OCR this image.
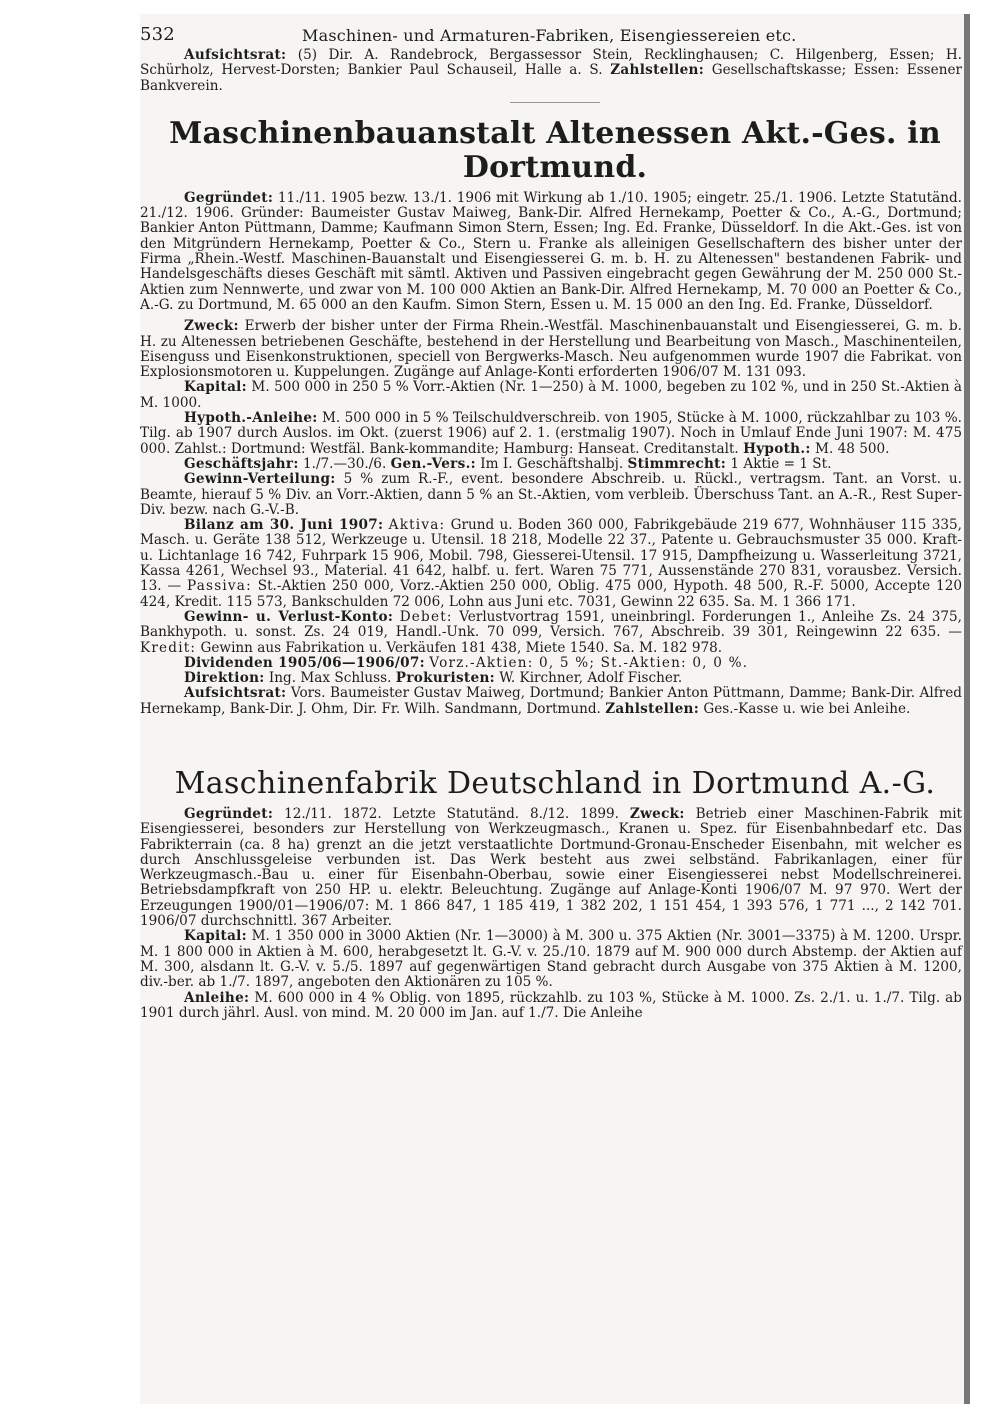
532	Maschinen- und Armaturen-Fabriken, Eisengiessereien etc.

Aufsichtsrat: (5) Dir. A. Randebrock, Bergassessor Stein, Recklinghausen; C. Hilgenberg, Essen; H. Schürholz, Hervest-Dorsten; Bankier Paul Schauseil, Halle a. S. Zahlstellen: Gesellschaftskasse; Essen: Essener Bankverein.

Maschinenbauanstalt Altenessen Akt.-Ges. in Dortmund.

Gegründet: 11./11. 1905 bezw. 13./1. 1906 mit Wirkung ab 1./10. 1905; eingetr. 25./1. 1906. Letzte Statutänd. 21./12. 1906. Gründer: Baumeister Gustav Maiweg, Bank-Dir. Alfred Hernekamp, Poetter & Co., A.-G., Dortmund; Bankier Anton Püttmann, Damme; Kaufmann Simon Stern, Essen; Ing. Ed. Franke, Düsseldorf. In die Akt.-Ges. ist von den Mitgründern Hernekamp, Poetter & Co., Stern u. Franke als alleinigen Gesellschaftern des bisher unter der Firma „Rhein.-Westf. Maschinen-Bauanstalt und Eisengiesserei G. m. b. H. zu Altenessen" bestandenen Fabrik- und Handelsgeschäfts dieses Geschäft mit sämtl. Aktiven und Passiven eingebracht gegen Gewährung der M. 250 000 St.-Aktien zum Nennwerte, und zwar von M. 100 000 Aktien an Bank-Dir. Alfred Hernekamp, M. 70 000 an Poetter & Co., A.-G. zu Dortmund, M. 65 000 an den Kaufm. Simon Stern, Essen u. M. 15 000 an den Ing. Ed. Franke, Düsseldorf.

Zweck: Erwerb der bisher unter der Firma Rhein.-Westfäl. Maschinenbauanstalt und Eisengiesserei, G. m. b. H. zu Altenessen betriebenen Geschäfte, bestehend in der Herstellung und Bearbeitung von Masch., Maschinenteilen, Eisenguss und Eisenkonstruktionen, speciell von Bergwerks-Masch. Neu aufgenommen wurde 1907 die Fabrikat. von Explosionsmotoren u. Kuppelungen. Zugänge auf Anlage-Konti erforderten 1906/07 M. 131 093.

Kapital: M. 500 000 in 250 5 % Vorr.-Aktien (Nr. 1—250) à M. 1000, begeben zu 102 %, und in 250 St.-Aktien à M. 1000.

Hypoth.-Anleihe: M. 500 000 in 5 % Teilschuldverschreib. von 1905, Stücke à M. 1000, rückzahlbar zu 103 %. Tilg. ab 1907 durch Auslos. im Okt. (zuerst 1906) auf 2. 1. (erstmalig 1907). Noch in Umlauf Ende Juni 1907: M. 475 000. Zahlst.: Dortmund: Westfäl. Bank-kommandite; Hamburg: Hanseat. Creditanstalt. Hypoth.: M. 48 500.

Geschäftsjahr: 1./7.—30./6. Gen.-Vers.: Im I. Geschäftshalbj. Stimmrecht: 1 Aktie = 1 St.

Gewinn-Verteilung: 5 % zum R.-F., event. besondere Abschreib. u. Rückl., vertragsm. Tant. an Vorst. u. Beamte, hierauf 5 % Div. an Vorr.-Aktien, dann 5 % an St.-Aktien, vom verbleib. Überschuss Tant. an A.-R., Rest Super-Div. bezw. nach G.-V.-B.

Bilanz am 30. Juni 1907: Aktiva: Grund u. Boden 360 000, Fabrikgebäude 219 677, Wohnhäuser 115 335, Masch. u. Geräte 138 512, Werkzeuge u. Utensil. 18 218, Modelle 22 37., Patente u. Gebrauchsmuster 35 000. Kraft- u. Lichtanlage 16 742, Fuhrpark 15 906, Mobil. 798, Giesserei-Utensil. 17 915, Dampfheizung u. Wasserleitung 3721, Kassa 4261, Wechsel 93., Material. 41 642, halbf. u. fert. Waren 75 771, Aussenstände 270 831, vorausbez. Versich. 13. — Passiva: St.-Aktien 250 000, Vorz.-Aktien 250 000, Oblig. 475 000, Hypoth. 48 500, R.-F. 5000, Accepte 120 424, Kredit. 115 573, Bankschulden 72 006, Lohn aus Juni etc. 7031, Gewinn 22 635. Sa. M. 1 366 171.

Gewinn- u. Verlust-Konto: Debet: Verlustvortrag 1591, uneinbringl. Forderungen 1., Anleihe Zs. 24 375, Bankhypoth. u. sonst. Zs. 24 019, Handl.-Unk. 70 099, Versich. 767, Abschreib. 39 301, Reingewinn 22 635. — Kredit: Gewinn aus Fabrikation u. Verkäufen 181 438, Miete 1540. Sa. M. 182 978.

Dividenden 1905/06—1906/07: Vorz.-Aktien: 0, 5 %; St.-Aktien: 0, 0 %.

Direktion: Ing. Max Schluss. Prokuristen: W. Kirchner, Adolf Fischer.

Aufsichtsrat: Vors. Baumeister Gustav Maiweg, Dortmund; Bankier Anton Püttmann, Damme; Bank-Dir. Alfred Hernekamp, Bank-Dir. J. Ohm, Dir. Fr. Wilh. Sandmann, Dortmund. Zahlstellen: Ges.-Kasse u. wie bei Anleihe.

Maschinenfabrik Deutschland in Dortmund A.-G.

Gegründet: 12./11. 1872. Letzte Statutänd. 8./12. 1899. Zweck: Betrieb einer Maschinen-Fabrik mit Eisengiesserei, besonders zur Herstellung von Werkzeugmasch., Kranen u. Spez. für Eisenbahnbedarf etc. Das Fabrikterrain (ca. 8 ha) grenzt an die jetzt verstaatlichte Dortmund-Gronau-Enscheder Eisenbahn, mit welcher es durch Anschlussgeleise verbunden ist. Das Werk besteht aus zwei selbständ. Fabrikanlagen, einer für Werkzeugmasch.-Bau u. einer für Eisenbahn-Oberbau, sowie einer Eisengiesserei nebst Modellschreinerei. Betriebsdampfkraft von 250 HP. u. elektr. Beleuchtung. Zugänge auf Anlage-Konti 1906/07 M. 97 970. Wert der Erzeugungen 1900/01—1906/07: M. 1 866 847, 1 185 419, 1 382 202, 1 151 454, 1 393 576, 1 771 ..., 2 142 701. 1906/07 durchschnittl. 367 Arbeiter.

Kapital: M. 1 350 000 in 3000 Aktien (Nr. 1—3000) à M. 300 u. 375 Aktien (Nr. 3001—3375) à M. 1200. Urspr. M. 1 800 000 in Aktien à M. 600, herabgesetzt lt. G.-V. v. 25./10. 1879 auf M. 900 000 durch Abstemp. der Aktien auf M. 300, alsdann lt. G.-V. v. 5./5. 1897 auf gegenwärtigen Stand gebracht durch Ausgabe von 375 Aktien à M. 1200, div.-ber. ab 1./7. 1897, angeboten den Aktionären zu 105 %.

Anleihe: M. 600 000 in 4 % Oblig. von 1895, rückzahlb. zu 103 %, Stücke à M. 1000. Zs. 2./1. u. 1./7. Tilg. ab 1901 durch jährl. Ausl. von mind. M. 20 000 im Jan. auf 1./7. Die Anleihe
